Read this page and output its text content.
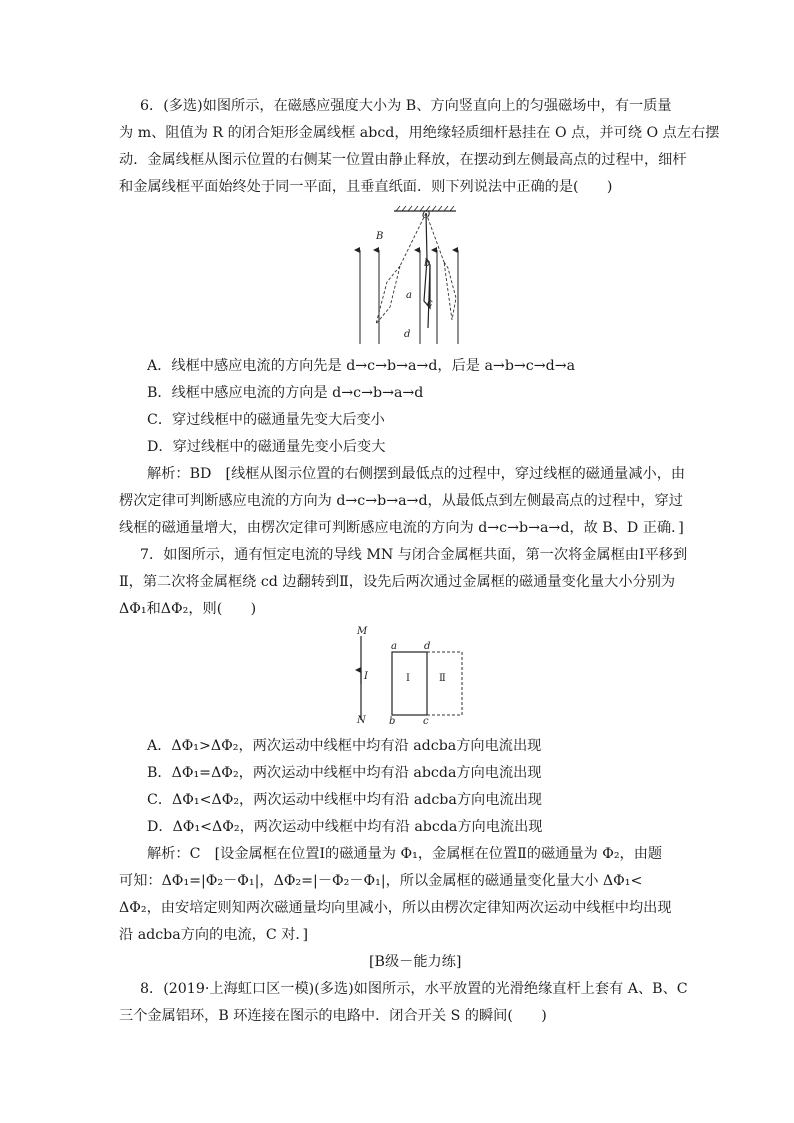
6．(多选)如图所示，在磁感应强度大小为 B、方向竖直向上的匀强磁场中，有一质量
为 m、阻值为 R 的闭合矩形金属线框 abcd，用绝缘轻质细杆悬挂在 O 点，并可绕 O 点左右摆
动．金属线框从图示位置的右侧某一位置由静止释放，在摆动到左侧最高点的过程中，细杆
和金属线框平面始终处于同一平面，且垂直纸面．则下列说法中正确的是(　　)
B
O
a
b
c
d
A．线框中感应电流的方向先是 d→c→b→a→d，后是 a→b→c→d→a
B．线框中感应电流的方向是 d→c→b→a→d
C．穿过线框中的磁通量先变大后变小
D．穿过线框中的磁通量先变小后变大
解析：BD　[线框从图示位置的右侧摆到最低点的过程中，穿过线框的磁通量减小，由
楞次定律可判断感应电流的方向为 d→c→b→a→d，从最低点到左侧最高点的过程中，穿过
线框的磁通量增大，由楞次定律可判断感应电流的方向为 d→c→b→a→d，故 B、D 正确．]
7．如图所示，通有恒定电流的导线 MN 与闭合金属框共面，第一次将金属框由Ⅰ平移到
Ⅱ，第二次将金属框绕 cd 边翻转到Ⅱ，设先后两次通过金属框的磁通量变化量大小分别为
ΔΦ₁和ΔΦ₂，则(　　)
M
I
N
a	d
b	c
Ⅰ	Ⅱ
A．ΔΦ₁>ΔΦ₂，两次运动中线框中均有沿 adcba方向电流出现
B．ΔΦ₁=ΔΦ₂，两次运动中线框中均有沿 abcda方向电流出现
C．ΔΦ₁<ΔΦ₂，两次运动中线框中均有沿 adcba方向电流出现
D．ΔΦ₁<ΔΦ₂，两次运动中线框中均有沿 abcda方向电流出现
解析：C　[设金属框在位置Ⅰ的磁通量为 Φ₁，金属框在位置Ⅱ的磁通量为 Φ₂，由题
可知：ΔΦ₁=|Φ₂－Φ₁|，ΔΦ₂=|－Φ₂－Φ₁|，所以金属框的磁通量变化量大小 ΔΦ₁<
ΔΦ₂，由安培定则知两次磁通量均向里减小，所以由楞次定律知两次运动中线框中均出现
沿 adcba方向的电流，C 对．]
[B级－能力练]
8．(2019·上海虹口区一模)(多选)如图所示，水平放置的光滑绝缘直杆上套有 A、B、C
三个金属铝环，B 环连接在图示的电路中．闭合开关 S 的瞬间(　　)
